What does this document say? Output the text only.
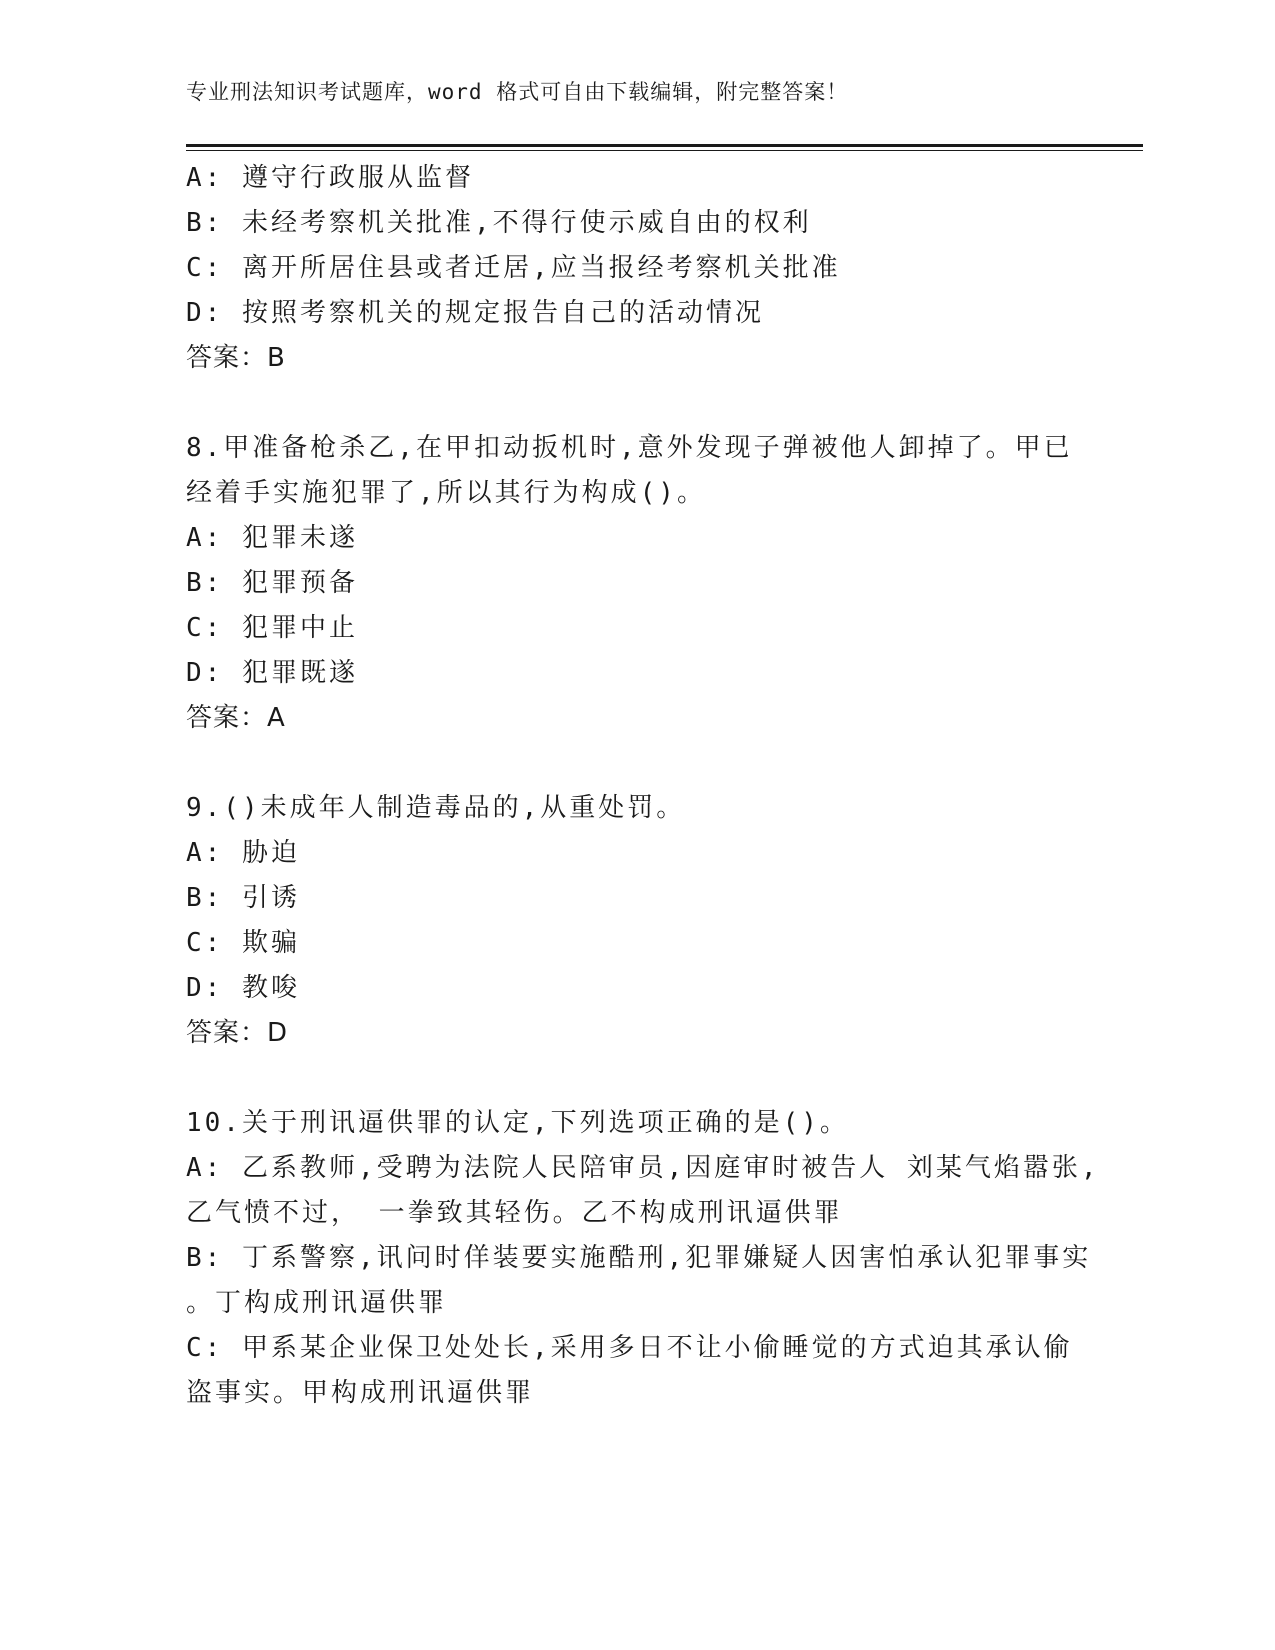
专业刑法知识考试题库，word 格式可自由下载编辑，附完整答案！
A: 遵守行政服从监督
B: 未经考察机关批准,不得行使示威自由的权利
C: 离开所居住县或者迁居,应当报经考察机关批准
D: 按照考察机关的规定报告自己的活动情况
答案：B
8.甲准备枪杀乙,在甲扣动扳机时,意外发现子弹被他人卸掉了。甲已
经着手实施犯罪了,所以其行为构成()。
A: 犯罪未遂
B: 犯罪预备
C: 犯罪中止
D: 犯罪既遂
答案：A
9.()未成年人制造毒品的,从重处罚。
A: 胁迫
B: 引诱
C: 欺骗
D: 教唆
答案：D
10.关于刑讯逼供罪的认定,下列选项正确的是()。
A: 乙系教师,受聘为法院人民陪审员,因庭审时被告人 刘某气焰嚣张,
乙气愤不过， 一拳致其轻伤。乙不构成刑讯逼供罪
B: 丁系警察,讯问时佯装要实施酷刑,犯罪嫌疑人因害怕承认犯罪事实
。丁构成刑讯逼供罪
C: 甲系某企业保卫处处长,采用多日不让小偷睡觉的方式迫其承认偷
盗事实。甲构成刑讯逼供罪
